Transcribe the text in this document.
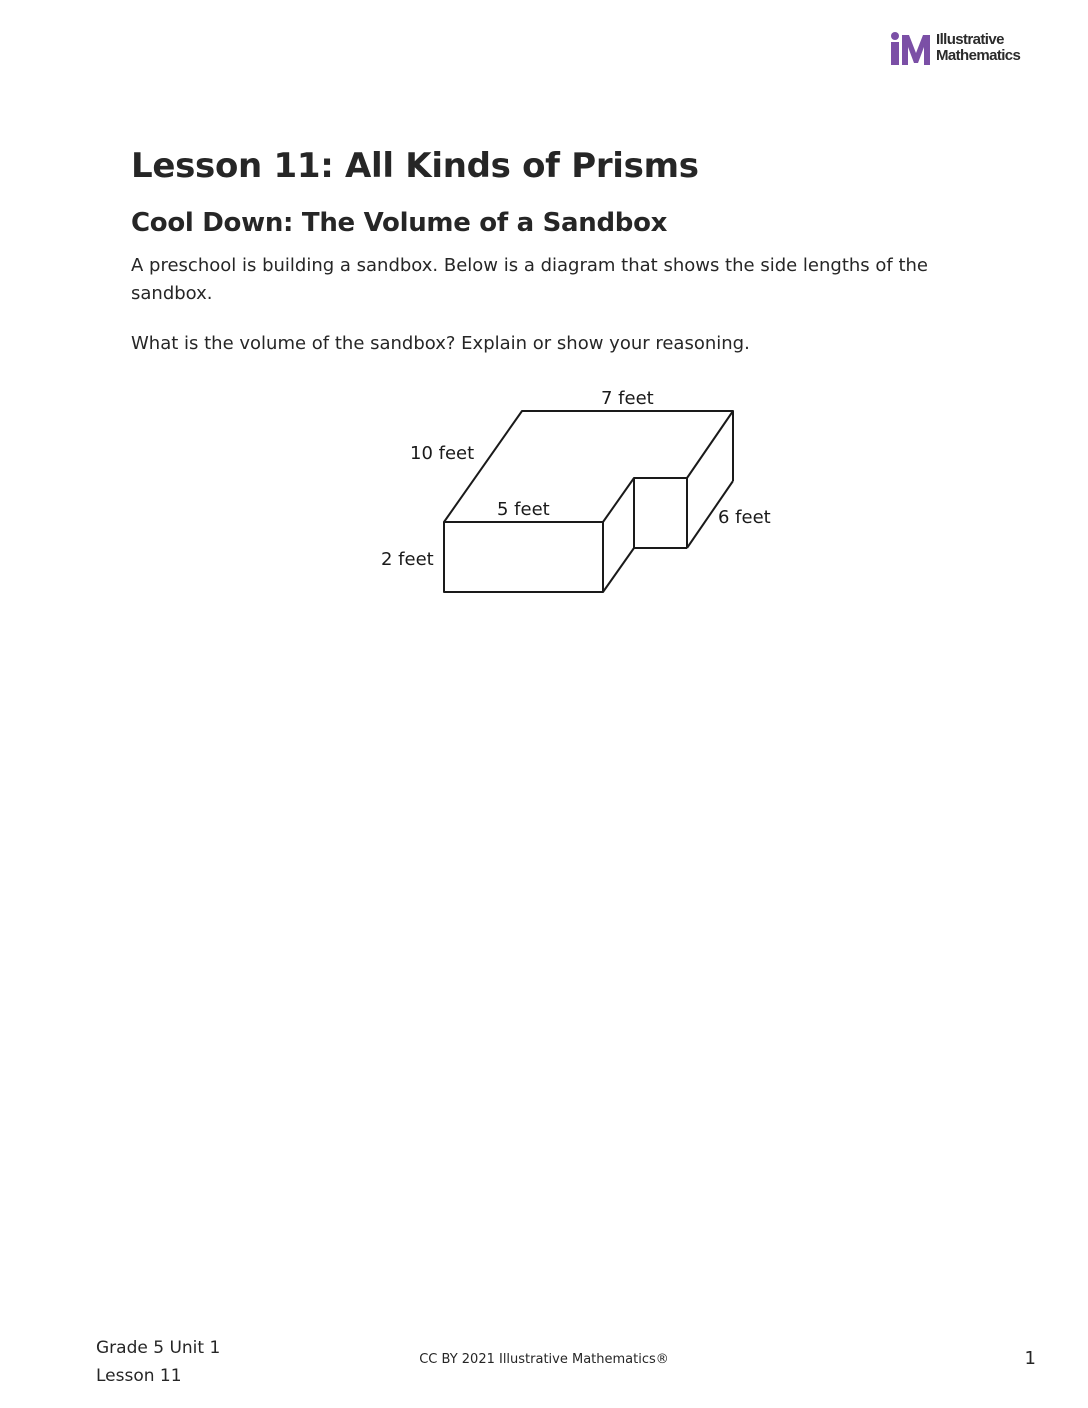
Illustrative
Mathematics
Lesson 11: All Kinds of Prisms
Cool Down: The Volume of a Sandbox

A preschool is building a sandbox. Below is a diagram that shows the side lengths of the sandbox.

What is the volume of the sandbox? Explain or show your reasoning.

7 feet
10 feet
5 feet	6 feet
2 feet
Grade 5 Unit 1
Lesson 11
CC BY 2021 Illustrative Mathematics®	1
